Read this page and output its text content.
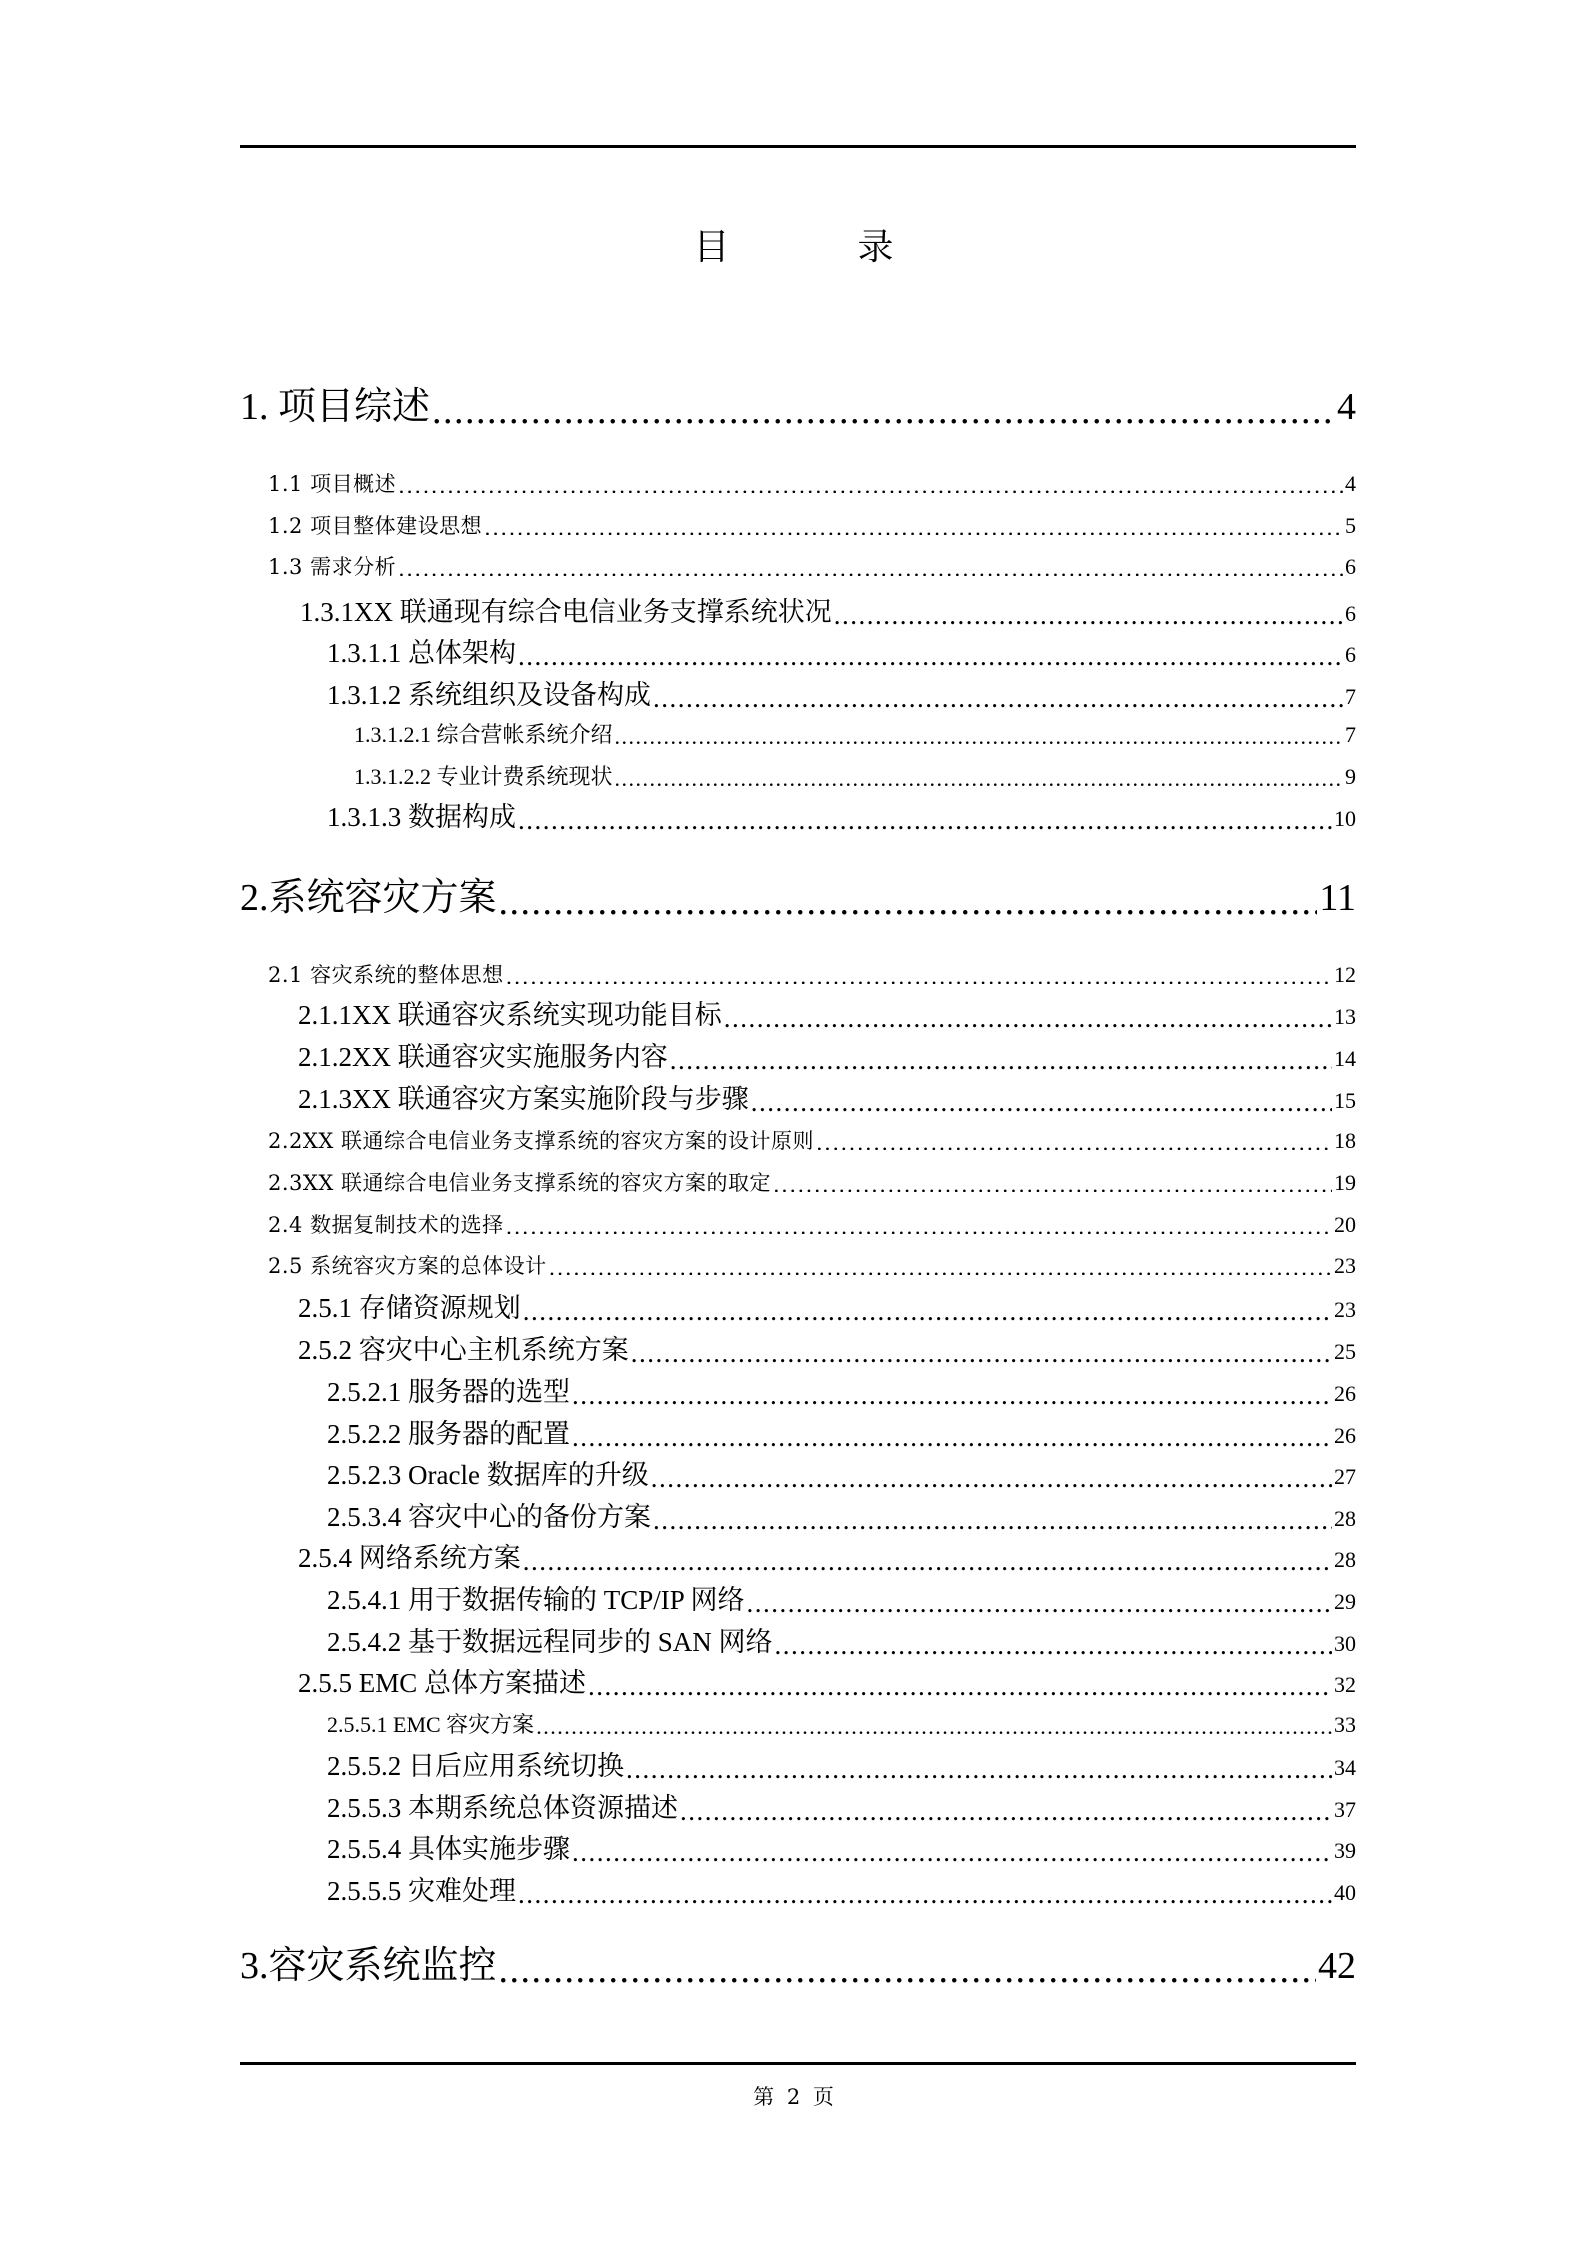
目	录
1. 项目综述 .....	4
1.1 项目概述 .....	4
1.2 项目整体建设思想 .....	5
1.3 需求分析 .....	6
1.3.1XX 联通现有综合电信业务支撑系统状况 .....	6
1.3.1.1 总体架构 .....	6
1.3.1.2 系统组织及设备构成 .....	7
1.3.1.2.1 综合营帐系统介绍 .....	7
1.3.1.2.2 专业计费系统现状 .....	9
1.3.1.3 数据构成 .....	10
2.系统容灾方案 .....	11
2.1 容灾系统的整体思想 .....	12
2.1.1XX 联通容灾系统实现功能目标 .....	13
2.1.2XX 联通容灾实施服务内容 .....	14
2.1.3XX 联通容灾方案实施阶段与步骤 .....	15
2.2XX 联通综合电信业务支撑系统的容灾方案的设计原则 .....	18
2.3XX 联通综合电信业务支撑系统的容灾方案的取定 .....	19
2.4 数据复制技术的选择 .....	20
2.5 系统容灾方案的总体设计 .....	23
2.5.1 存储资源规划 .....	23
2.5.2 容灾中心主机系统方案 .....	25
2.5.2.1 服务器的选型 .....	26
2.5.2.2 服务器的配置 .....	26
2.5.2.3 Oracle 数据库的升级 .....	27
2.5.3.4 容灾中心的备份方案 .....	28
2.5.4 网络系统方案 .....	28
2.5.4.1 用于数据传输的 TCP/IP 网络 .....	29
2.5.4.2 基于数据远程同步的 SAN 网络 .....	30
2.5.5 EMC 总体方案描述 .....	32
2.5.5.1 EMC 容灾方案 .....	33
2.5.5.2 日后应用系统切换 .....	34
2.5.5.3 本期系统总体资源描述 .....	37
2.5.5.4 具体实施步骤 .....	39
2.5.5.5 灾难处理 .....	40
3.容灾系统监控 .....	42
第 2 页
